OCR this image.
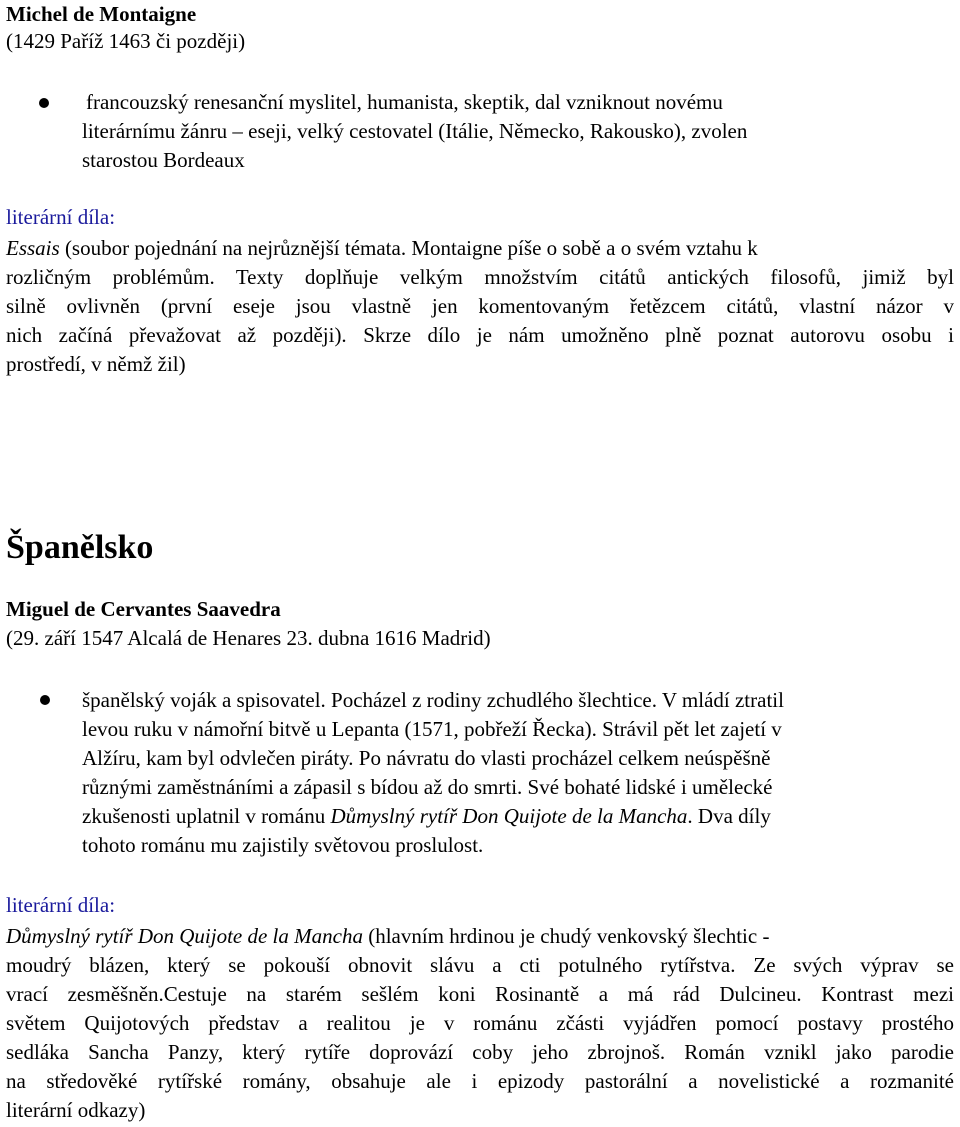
Michel de Montaigne
(1429 Paříž 1463 či později)
francouzský renesanční myslitel, humanista, skeptik, dal vzniknout novému
literárnímu žánru – eseji, velký cestovatel (Itálie, Německo, Rakousko), zvolen
starostou Bordeaux
literární díla:
Essais (soubor pojednání na nejrůznější témata. Montaigne píše o sobě a o svém vztahu k
rozličným problémům. Texty doplňuje velkým množstvím citátů antických filosofů, jimiž byl
silně ovlivněn (první eseje jsou vlastně jen komentovaným řetězcem citátů, vlastní názor v
nich začíná převažovat až později). Skrze dílo je nám umožněno plně poznat autorovu osobu i
prostředí, v němž žil)
Španělsko
Miguel de Cervantes Saavedra
(29. září 1547 Alcalá de Henares 23. dubna 1616 Madrid)
španělský voják a spisovatel. Pocházel z rodiny zchudlého šlechtice. V mládí ztratil
levou ruku v námořní bitvě u Lepanta (1571, pobřeží Řecka). Strávil pět let zajetí v
Alžíru, kam byl odvlečen piráty. Po návratu do vlasti procházel celkem neúspěšně
různými zaměstnáními a zápasil s bídou až do smrti. Své bohaté lidské i umělecké
zkušenosti uplatnil v románu Důmyslný rytíř Don Quijote de la Mancha. Dva díly
tohoto románu mu zajistily světovou proslulost.
literární díla:
Důmyslný rytíř Don Quijote de la Mancha (hlavním hrdinou je chudý venkovský šlechtic -
moudrý blázen, který se pokouší obnovit slávu a cti potulného rytířstva. Ze svých výprav se
vrací zesměšněn.Cestuje na starém sešlém koni Rosinantě a má rád Dulcineu. Kontrast mezi
světem Quijotových představ a realitou je v románu zčásti vyjádřen pomocí postavy prostého
sedláka Sancha Panzy, který rytíře doprovází coby jeho zbrojnoš. Román vznikl jako parodie
na středověké rytířské romány, obsahuje ale i epizody pastorální a novelistické a rozmanité
literární odkazy)
